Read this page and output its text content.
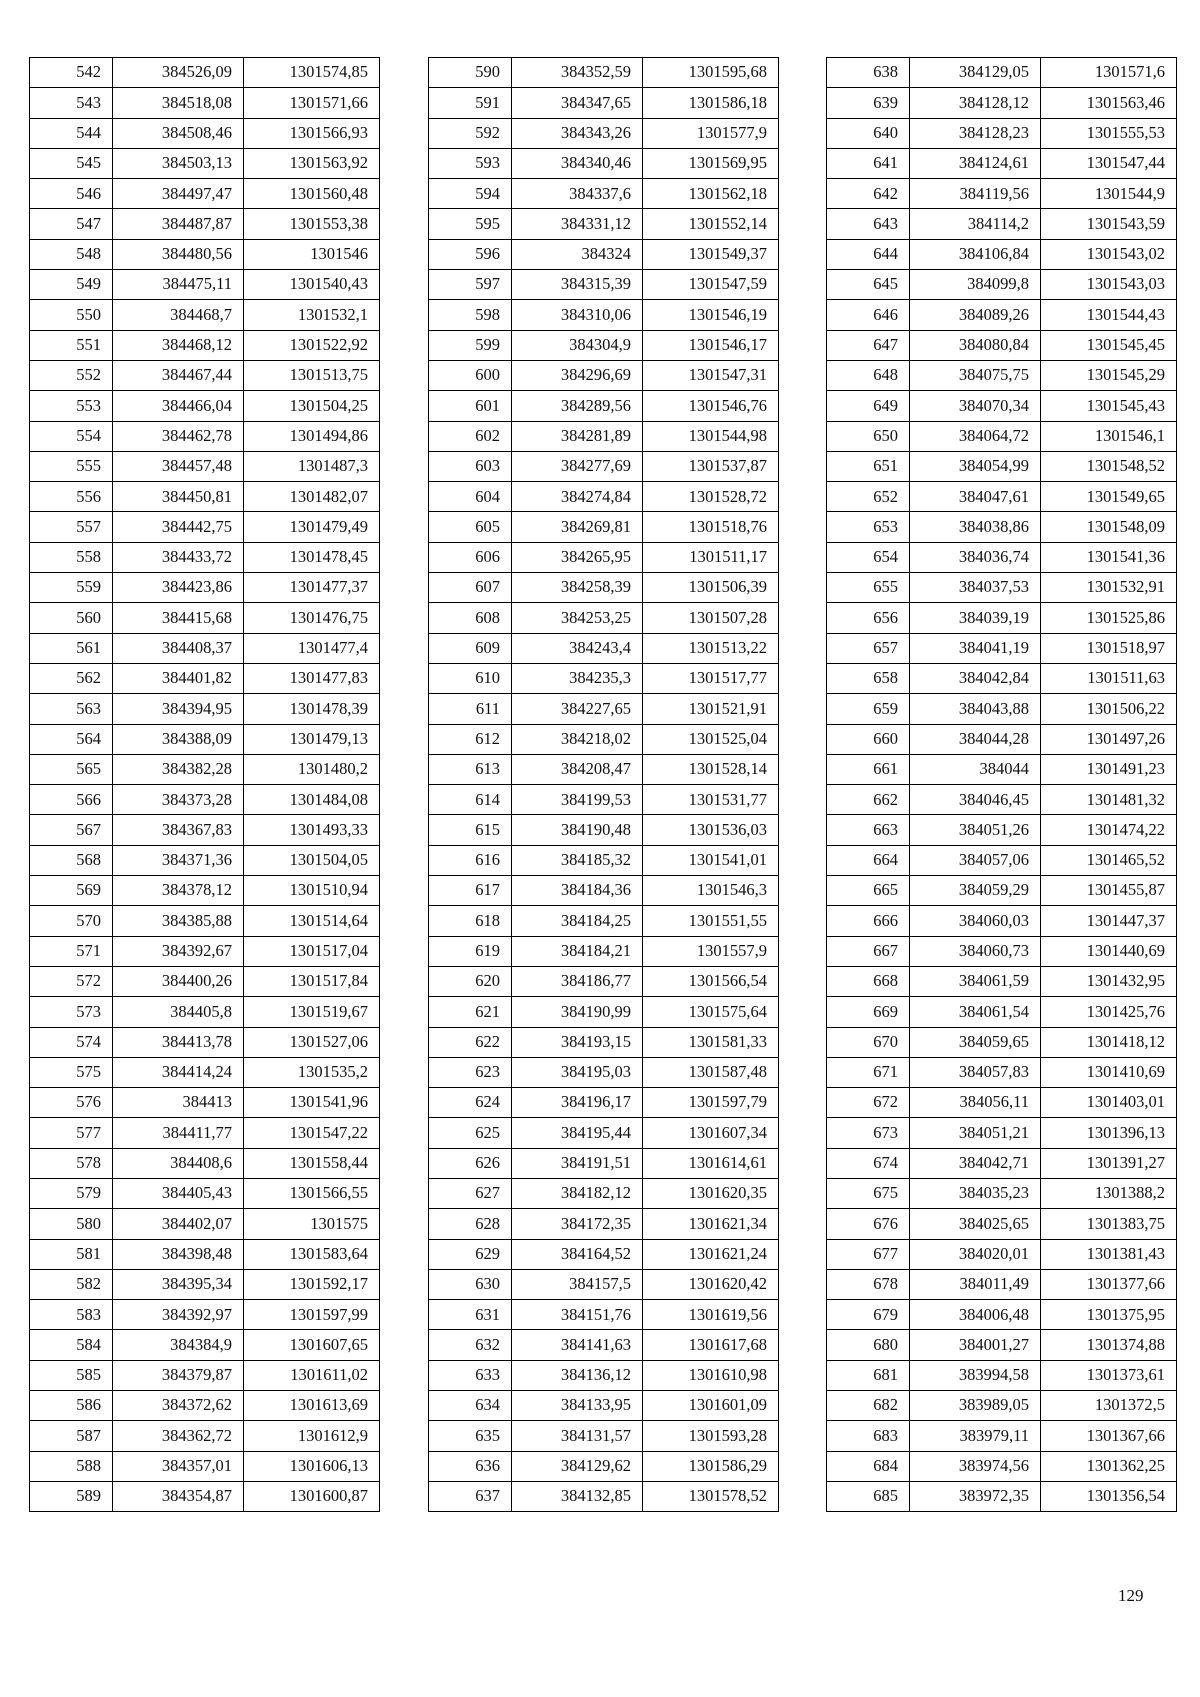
542	384526,09	1301574,85
543	384518,08	1301571,66
544	384508,46	1301566,93
545	384503,13	1301563,92
546	384497,47	1301560,48
547	384487,87	1301553,38
548	384480,56	1301546
549	384475,11	1301540,43
550	384468,7	1301532,1
551	384468,12	1301522,92
552	384467,44	1301513,75
553	384466,04	1301504,25
554	384462,78	1301494,86
555	384457,48	1301487,3
556	384450,81	1301482,07
557	384442,75	1301479,49
558	384433,72	1301478,45
559	384423,86	1301477,37
560	384415,68	1301476,75
561	384408,37	1301477,4
562	384401,82	1301477,83
563	384394,95	1301478,39
564	384388,09	1301479,13
565	384382,28	1301480,2
566	384373,28	1301484,08
567	384367,83	1301493,33
568	384371,36	1301504,05
569	384378,12	1301510,94
570	384385,88	1301514,64
571	384392,67	1301517,04
572	384400,26	1301517,84
573	384405,8	1301519,67
574	384413,78	1301527,06
575	384414,24	1301535,2
576	384413	1301541,96
577	384411,77	1301547,22
578	384408,6	1301558,44
579	384405,43	1301566,55
580	384402,07	1301575
581	384398,48	1301583,64
582	384395,34	1301592,17
583	384392,97	1301597,99
584	384384,9	1301607,65
585	384379,87	1301611,02
586	384372,62	1301613,69
587	384362,72	1301612,9
588	384357,01	1301606,13
589	384354,87	1301600,87
590	384352,59	1301595,68
591	384347,65	1301586,18
592	384343,26	1301577,9
593	384340,46	1301569,95
594	384337,6	1301562,18
595	384331,12	1301552,14
596	384324	1301549,37
597	384315,39	1301547,59
598	384310,06	1301546,19
599	384304,9	1301546,17
600	384296,69	1301547,31
601	384289,56	1301546,76
602	384281,89	1301544,98
603	384277,69	1301537,87
604	384274,84	1301528,72
605	384269,81	1301518,76
606	384265,95	1301511,17
607	384258,39	1301506,39
608	384253,25	1301507,28
609	384243,4	1301513,22
610	384235,3	1301517,77
611	384227,65	1301521,91
612	384218,02	1301525,04
613	384208,47	1301528,14
614	384199,53	1301531,77
615	384190,48	1301536,03
616	384185,32	1301541,01
617	384184,36	1301546,3
618	384184,25	1301551,55
619	384184,21	1301557,9
620	384186,77	1301566,54
621	384190,99	1301575,64
622	384193,15	1301581,33
623	384195,03	1301587,48
624	384196,17	1301597,79
625	384195,44	1301607,34
626	384191,51	1301614,61
627	384182,12	1301620,35
628	384172,35	1301621,34
629	384164,52	1301621,24
630	384157,5	1301620,42
631	384151,76	1301619,56
632	384141,63	1301617,68
633	384136,12	1301610,98
634	384133,95	1301601,09
635	384131,57	1301593,28
636	384129,62	1301586,29
637	384132,85	1301578,52
638	384129,05	1301571,6
639	384128,12	1301563,46
640	384128,23	1301555,53
641	384124,61	1301547,44
642	384119,56	1301544,9
643	384114,2	1301543,59
644	384106,84	1301543,02
645	384099,8	1301543,03
646	384089,26	1301544,43
647	384080,84	1301545,45
648	384075,75	1301545,29
649	384070,34	1301545,43
650	384064,72	1301546,1
651	384054,99	1301548,52
652	384047,61	1301549,65
653	384038,86	1301548,09
654	384036,74	1301541,36
655	384037,53	1301532,91
656	384039,19	1301525,86
657	384041,19	1301518,97
658	384042,84	1301511,63
659	384043,88	1301506,22
660	384044,28	1301497,26
661	384044	1301491,23
662	384046,45	1301481,32
663	384051,26	1301474,22
664	384057,06	1301465,52
665	384059,29	1301455,87
666	384060,03	1301447,37
667	384060,73	1301440,69
668	384061,59	1301432,95
669	384061,54	1301425,76
670	384059,65	1301418,12
671	384057,83	1301410,69
672	384056,11	1301403,01
673	384051,21	1301396,13
674	384042,71	1301391,27
675	384035,23	1301388,2
676	384025,65	1301383,75
677	384020,01	1301381,43
678	384011,49	1301377,66
679	384006,48	1301375,95
680	384001,27	1301374,88
681	383994,58	1301373,61
682	383989,05	1301372,5
683	383979,11	1301367,66
684	383974,56	1301362,25
685	383972,35	1301356,54
129
